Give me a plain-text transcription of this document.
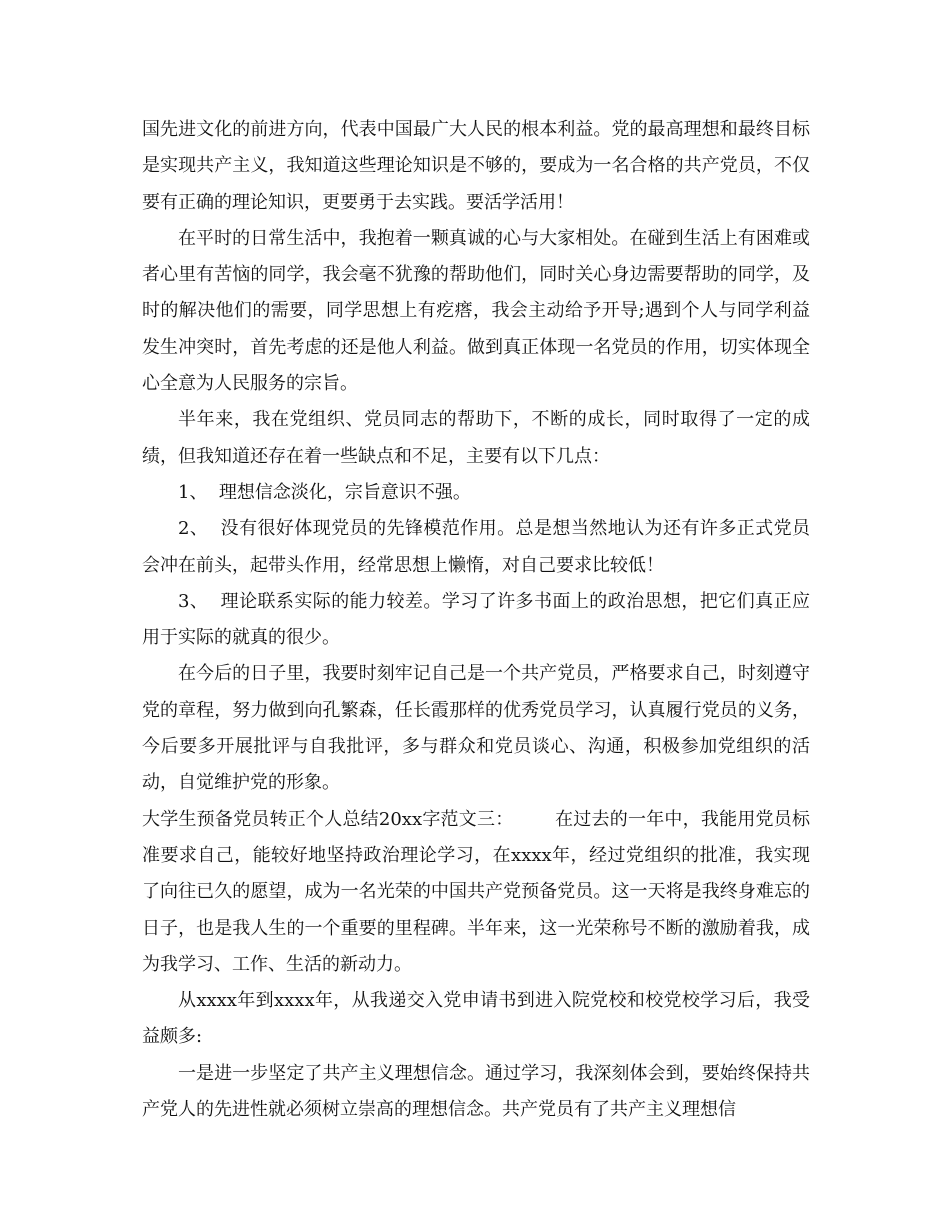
国先进文化的前进方向，代表中国最广大人民的根本利益。党的最高理想和最终目标是实现共产主义，我知道这些理论知识是不够的，要成为一名合格的共产党员，不仅要有正确的理论知识，更要勇于去实践。要活学活用！

在平时的日常生活中，我抱着一颗真诚的心与大家相处。在碰到生活上有困难或者心里有苦恼的同学，我会毫不犹豫的帮助他们，同时关心身边需要帮助的同学，及时的解决他们的需要，同学思想上有疙瘩，我会主动给予开导;遇到个人与同学利益发生冲突时，首先考虑的还是他人利益。做到真正体现一名党员的作用，切实体现全心全意为人民服务的宗旨。

半年来，我在党组织、党员同志的帮助下，不断的成长，同时取得了一定的成绩，但我知道还存在着一些缺点和不足，主要有以下几点：

1、 理想信念淡化，宗旨意识不强。

2、 没有很好体现党员的先锋模范作用。总是想当然地认为还有许多正式党员会冲在前头，起带头作用，经常思想上懒惰，对自己要求比较低！

3、 理论联系实际的能力较差。学习了许多书面上的政治思想，把它们真正应用于实际的就真的很少。

在今后的日子里，我要时刻牢记自己是一个共产党员，严格要求自己，时刻遵守党的章程，努力做到向孔繁森，任长霞那样的优秀党员学习，认真履行党员的义务，今后要多开展批评与自我批评，多与群众和党员谈心、沟通，积极参加党组织的活动，自觉维护党的形象。

大学生预备党员转正个人总结20xx字范文三： 在过去的一年中，我能用党员标准要求自己，能较好地坚持政治理论学习，在xxxx年，经过党组织的批准，我实现了向往已久的愿望，成为一名光荣的中国共产党预备党员。这一天将是我终身难忘的日子，也是我人生的一个重要的里程碑。半年来，这一光荣称号不断的激励着我，成为我学习、工作、生活的新动力。

从xxxx年到xxxx年，从我递交入党申请书到进入院党校和校党校学习后，我受益颇多:

一是进一步坚定了共产主义理想信念。通过学习，我深刻体会到，要始终保持共产党人的先进性就必须树立崇高的理想信念。共产党员有了共产主义理想信
